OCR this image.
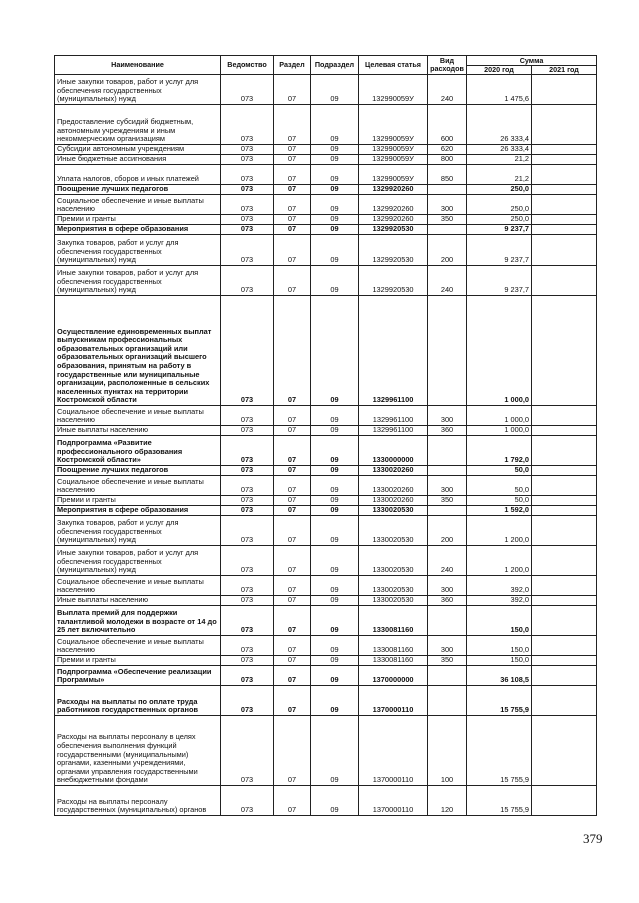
Наименование	Ведомство	Раздел	Подраздел	Целевая статья	Вид расходов	Сумма	
						2020 год	2021 год
Иные закупки товаров, работ и услуг для обеспечения государственных (муниципальных) нужд	073	07	09	132990059У	240	1 475,6	
Предоставление субсидий бюджетным, автономным учреждениям и иным некоммерческим организациям	073	07	09	132990059У	600	26 333,4	
Субсидии автономным учреждениям	073	07	09	132990059У	620	26 333,4	
Иные бюджетные ассигнования	073	07	09	132990059У	800	21,2	
Уплата налогов, сборов и иных платежей	073	07	09	132990059У	850	21,2	
Поощрение лучших педагогов	073	07	09	1329920260		250,0	
Социальное обеспечение и иные выплаты населению	073	07	09	1329920260	300	250,0	
Премии и гранты	073	07	09	1329920260	350	250,0	
Мероприятия в сфере образования	073	07	09	1329920530		9 237,7	
Закупка товаров, работ и услуг для обеспечения государственных (муниципальных) нужд	073	07	09	1329920530	200	9 237,7	
Иные закупки товаров, работ и услуг для обеспечения государственных (муниципальных) нужд	073	07	09	1329920530	240	9 237,7	
Осуществление единовременных выплат выпускникам профессиональных образовательных организаций или образовательных организаций высшего образования, принятым на работу в государственные или муниципальные организации, расположенные в сельских населенных пунктах на территории Костромской области	073	07	09	1329961100		1 000,0	
Социальное обеспечение и иные выплаты населению	073	07	09	1329961100	300	1 000,0	
Иные выплаты населению	073	07	09	1329961100	360	1 000,0	
Подпрограмма «Развитие профессионального образования Костромской области»	073	07	09	1330000000		1 792,0	
Поощрение лучших педагогов	073	07	09	1330020260		50,0	
Социальное обеспечение и иные выплаты населению	073	07	09	1330020260	300	50,0	
Премии и гранты	073	07	09	1330020260	350	50,0	
Мероприятия в сфере образования	073	07	09	1330020530		1 592,0	
Закупка товаров, работ и услуг для обеспечения государственных (муниципальных) нужд	073	07	09	1330020530	200	1 200,0	
Иные закупки товаров, работ и услуг для обеспечения государственных (муниципальных) нужд	073	07	09	1330020530	240	1 200,0	
Социальное обеспечение и иные выплаты населению	073	07	09	1330020530	300	392,0	
Иные выплаты населению	073	07	09	1330020530	360	392,0	
Выплата премий для поддержки талантливой молодежи в возрасте от 14 до 25 лет включительно	073	07	09	1330081160		150,0	
Социальное обеспечение и иные выплаты населению	073	07	09	1330081160	300	150,0	
Премии и гранты	073	07	09	1330081160	350	150,0	
Подпрограмма «Обеспечение реализации Программы»	073	07	09	1370000000		36 108,5	
Расходы на выплаты по оплате труда работников государственных органов	073	07	09	1370000110		15 755,9	
Расходы на выплаты персоналу в целях обеспечения выполнения функций государственными (муниципальными) органами, казенными учреждениями, органами управления государственными внебюджетными фондами	073	07	09	1370000110	100	15 755,9	
Расходы на выплаты персоналу государственных (муниципальных) органов	073	07	09	1370000110	120	15 755,9	
379
